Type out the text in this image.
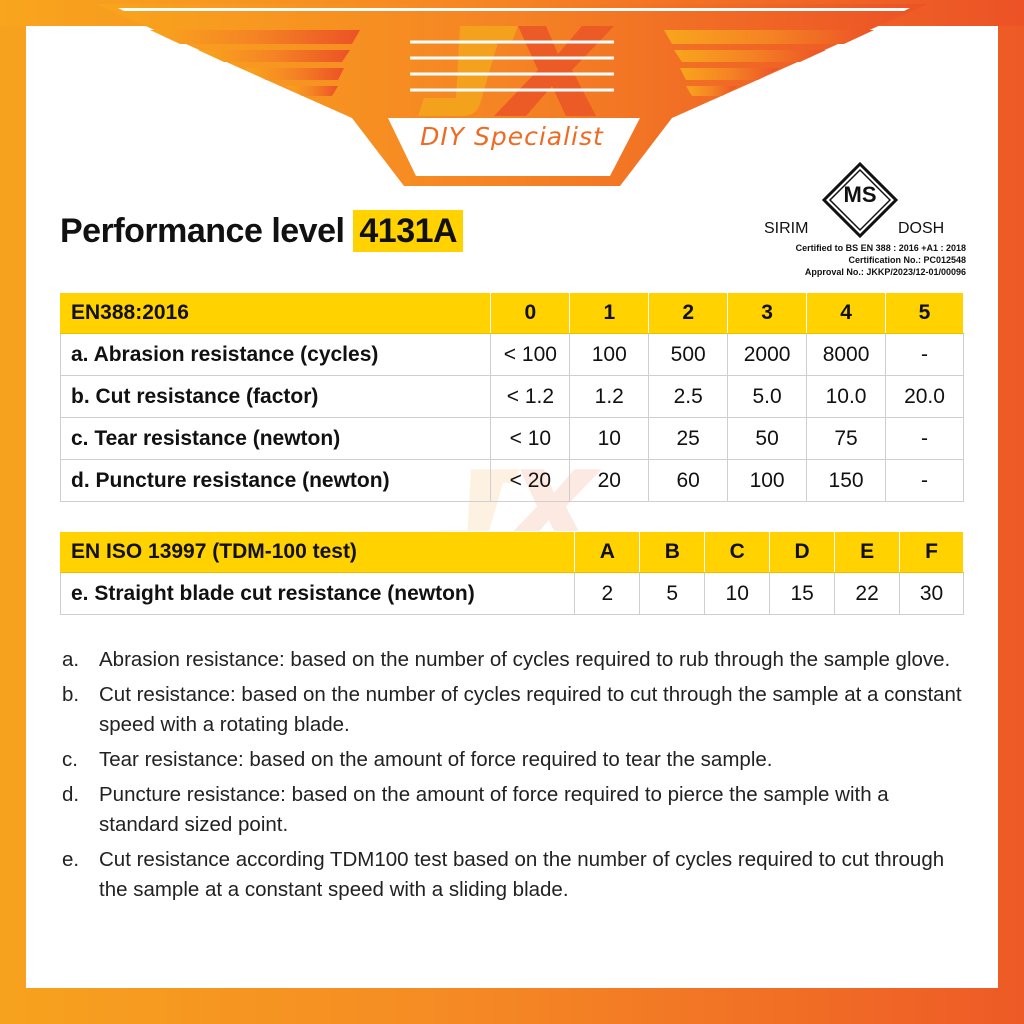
DIY Specialist
Performance level 4131A
MS
SIRIM	DOSH
Certified to BS EN 388 : 2016 +A1 : 2018
Certification No.: PC012548
Approval No.: JKKP/2023/12-01/00096
EN388:2016	0	1	2	3	4	5
a. Abrasion resistance (cycles)	< 100	100	500	2000	8000	-
b. Cut resistance (factor)	< 1.2	1.2	2.5	5.0	10.0	20.0
c. Tear resistance (newton)	< 10	10	25	50	75	-
d. Puncture resistance (newton)	< 20	20	60	100	150	-
EN ISO 13997 (TDM-100 test)	A	B	C	D	E	F
e. Straight blade cut resistance (newton)	2	5	10	15	22	30
a. Abrasion resistance: based on the number of cycles required to rub through the sample glove.
b. Cut resistance: based on the number of cycles required to cut through the sample at a constant speed with a rotating blade.
c.	Tear resistance: based on the amount of force required to tear the sample.
d. Puncture resistance: based on the amount of force required to pierce the sample with a standard sized point.
e. Cut resistance according TDM100 test based on the number of cycles required to cut through the sample at a constant speed with a sliding blade.
